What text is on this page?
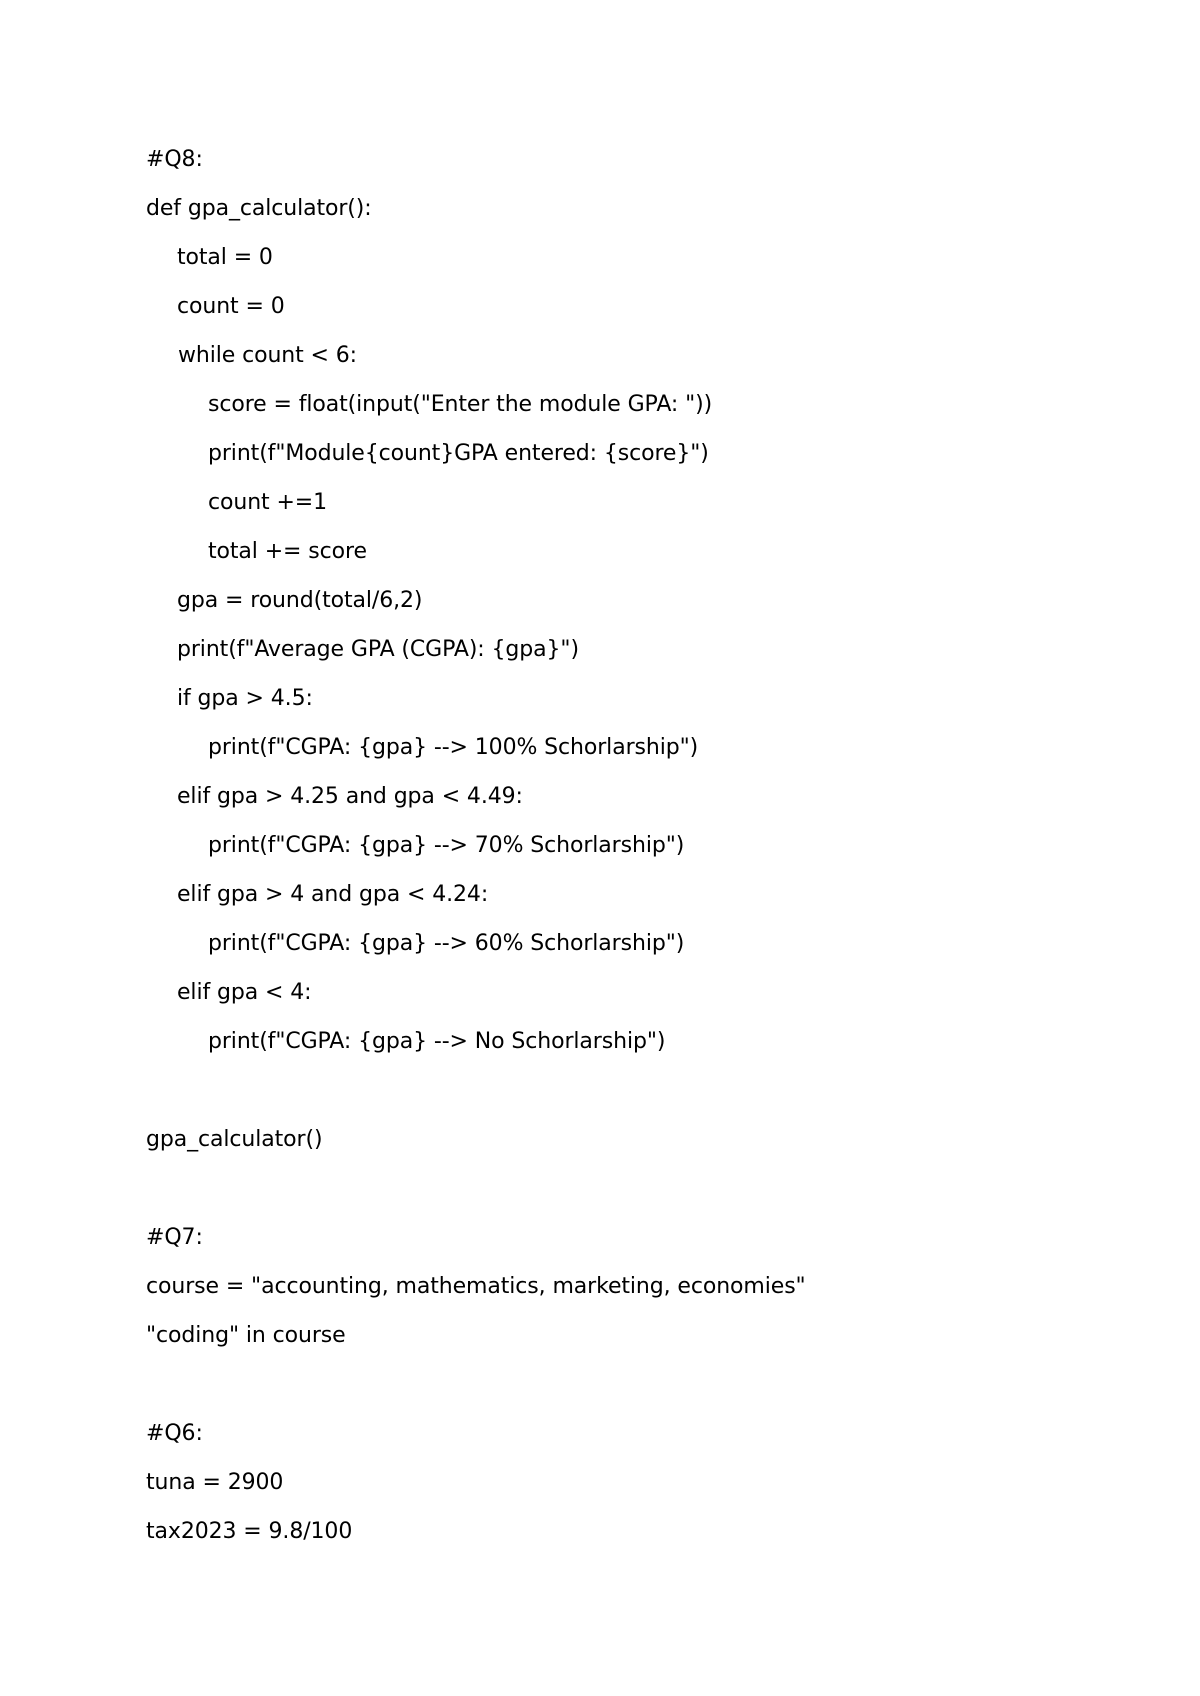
#Q8:
def gpa_calculator():
total = 0
count = 0
while count < 6:
score = float(input("Enter the module GPA: "))
print(f"Module{count}GPA entered: {score}")
count +=1
total += score
gpa = round(total/6,2)
print(f"Average GPA (CGPA): {gpa}")
if gpa > 4.5:
print(f"CGPA: {gpa} --> 100% Schorlarship")
elif gpa > 4.25 and gpa < 4.49:
print(f"CGPA: {gpa} --> 70% Schorlarship")
elif gpa > 4 and gpa < 4.24:
print(f"CGPA: {gpa} --> 60% Schorlarship")
elif gpa < 4:
print(f"CGPA: {gpa} --> No Schorlarship")
gpa_calculator()
#Q7:
course = "accounting, mathematics, marketing, economies"
"coding" in course
#Q6:
tuna = 2900
tax2023 = 9.8/100
